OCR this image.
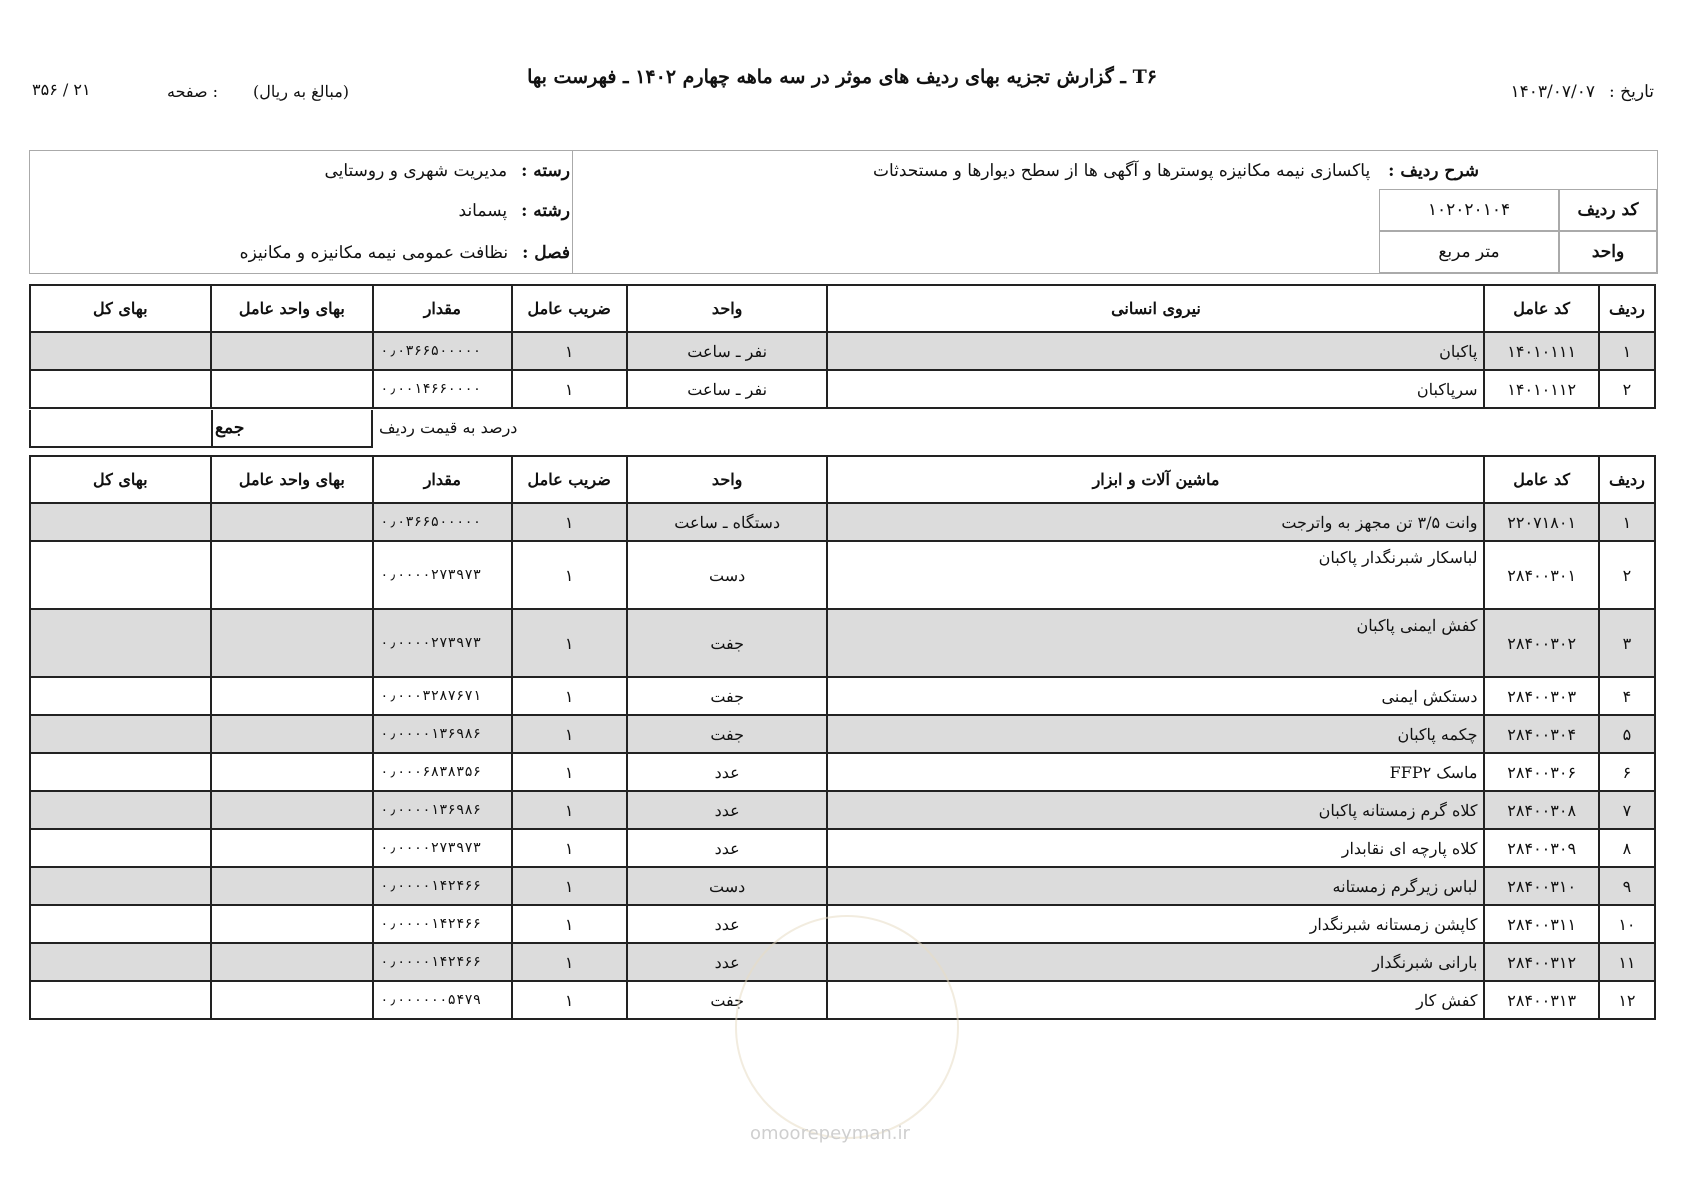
T۶ ـ گزارش تجزیه بهای ردیف های موثر در سه ماهه چهارم ۱۴۰۲ ـ فهرست بها
تاریخ :۱۴۰۳/۰۷/۰۷
(مبالغ به ریال)
۳۵۶ / ۲۱	صفحه :
رسته :مدیریت شهری و روستایی
رشته :پسماند
فصل :نظافت عمومی نیمه مکانیزه و مکانیزه
شرح ردیف :پاکسازی نیمه مکانیزه پوسترها و آگهی ها از سطح دیوارها و مستحدثات
کد ردیف
۱۰۲۰۲۰۱۰۴
واحد
متر مربع
ردیف	کد عامل	نیروی انسانی	واحد	ضریب عامل	مقدار	بهای واحد عامل	بهای کل
۱	۱۴۰۱۰۱۱۱	پاکبان	نفر ـ ساعت	۱	۰٫۰۳۶۶۵۰۰۰۰۰		
۲	۱۴۰۱۰۱۱۲	سرپاکبان	نفر ـ ساعت	۱	۰٫۰۰۱۴۶۶۰۰۰۰		
جمع	درصد به قیمت ردیف
ردیف	کد عامل	ماشین آلات و ابزار	واحد	ضریب عامل	مقدار	بهای واحد عامل	بهای کل
۱	۲۲۰۷۱۸۰۱	وانت ۳/۵ تن مجهز به واترجت	دستگاه ـ ساعت	۱	۰٫۰۳۶۶۵۰۰۰۰۰		
۲	۲۸۴۰۰۳۰۱	لباسکار شبرنگدار پاکبان	دست	۱	۰٫۰۰۰۰۲۷۳۹۷۳		
۳	۲۸۴۰۰۳۰۲	کفش ایمنی پاکبان	جفت	۱	۰٫۰۰۰۰۲۷۳۹۷۳		
۴	۲۸۴۰۰۳۰۳	دستکش ایمنی	جفت	۱	۰٫۰۰۰۳۲۸۷۶۷۱		
۵	۲۸۴۰۰۳۰۴	چکمه پاکبان	جفت	۱	۰٫۰۰۰۰۱۳۶۹۸۶		
۶	۲۸۴۰۰۳۰۶	ماسک FFP۲	عدد	۱	۰٫۰۰۰۶۸۳۸۳۵۶		
۷	۲۸۴۰۰۳۰۸	کلاه گرم زمستانه پاکبان	عدد	۱	۰٫۰۰۰۰۱۳۶۹۸۶		
۸	۲۸۴۰۰۳۰۹	کلاه پارچه ای نقابدار	عدد	۱	۰٫۰۰۰۰۲۷۳۹۷۳		
۹	۲۸۴۰۰۳۱۰	لباس زیرگرم زمستانه	دست	۱	۰٫۰۰۰۰۱۴۲۴۶۶		
۱۰	۲۸۴۰۰۳۱۱	کاپشن زمستانه شبرنگدار	عدد	۱	۰٫۰۰۰۰۱۴۲۴۶۶		
۱۱	۲۸۴۰۰۳۱۲	بارانی شبرنگدار	عدد	۱	۰٫۰۰۰۰۱۴۲۴۶۶		
۱۲	۲۸۴۰۰۳۱۳	کفش کار	جفت	۱	۰٫۰۰۰۰۰۰۵۴۷۹		
omoorepeyman.ir
